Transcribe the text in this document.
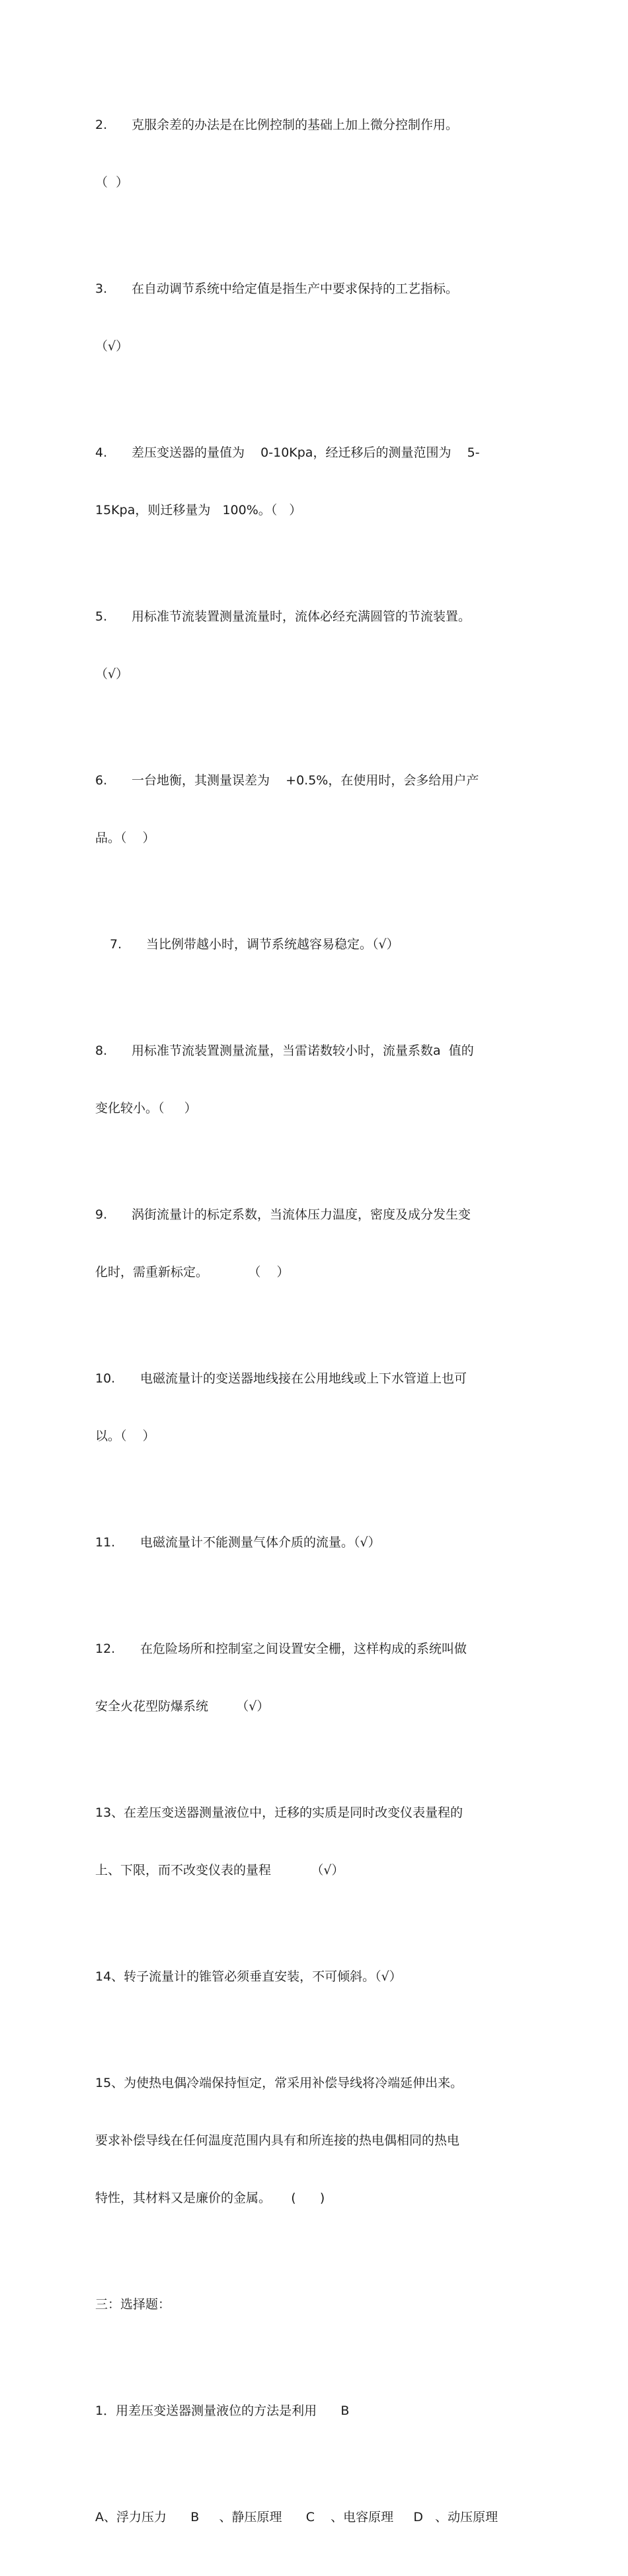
2. 克服余差的办法是在比例控制的基础上加上微分控制作用。

（  ）

3. 在自动调节系统中给定值是指生产中要求保持的工艺指标。

（√）

4. 差压变送器的量值为    0-10Kpa，经迁移后的测量范围为    5-

15Kpa，则迁移量为   100%。（   ）

5. 用标准节流装置测量流量时，流体必经充满圆管的节流装置。

（√）

6. 一台地衡，其测量误差为    +0.5%，在使用时，会多给用户产

品。（    ）

7. 当比例带越小时，调节系统越容易稳定。（√）

8. 用标准节流装置测量流量，当雷诺数较小时，流量系数a  值的

变化较小。（     ）

9. 涡街流量计的标定系数，当流体压力温度，密度及成分发生变

化时，需重新标定。          （    ）

10. 电磁流量计的变送器地线接在公用地线或上下水管道上也可

以。（    ）

11. 电磁流量计不能测量气体介质的流量。（√）

12. 在危险场所和控制室之间设置安全栅，这样构成的系统叫做

安全火花型防爆系统       （√）

13、在差压变送器测量液位中，迁移的实质是同时改变仪表量程的

上、下限，而不改变仪表的量程          （√）

14、转子流量计的锥管必须垂直安装，不可倾斜。（√）

15、为使热电偶冷端保持恒定，常采用补偿导线将冷端延伸出来。

要求补偿导线在任何温度范围内具有和所连接的热电偶相同的热电

特性，其材料又是廉价的金属。     (      )

三：选择题：

1．用差压变送器测量液位的方法是利用      B

A、浮力压力      B     、静压原理      C    、电容原理     D   、动压原理
